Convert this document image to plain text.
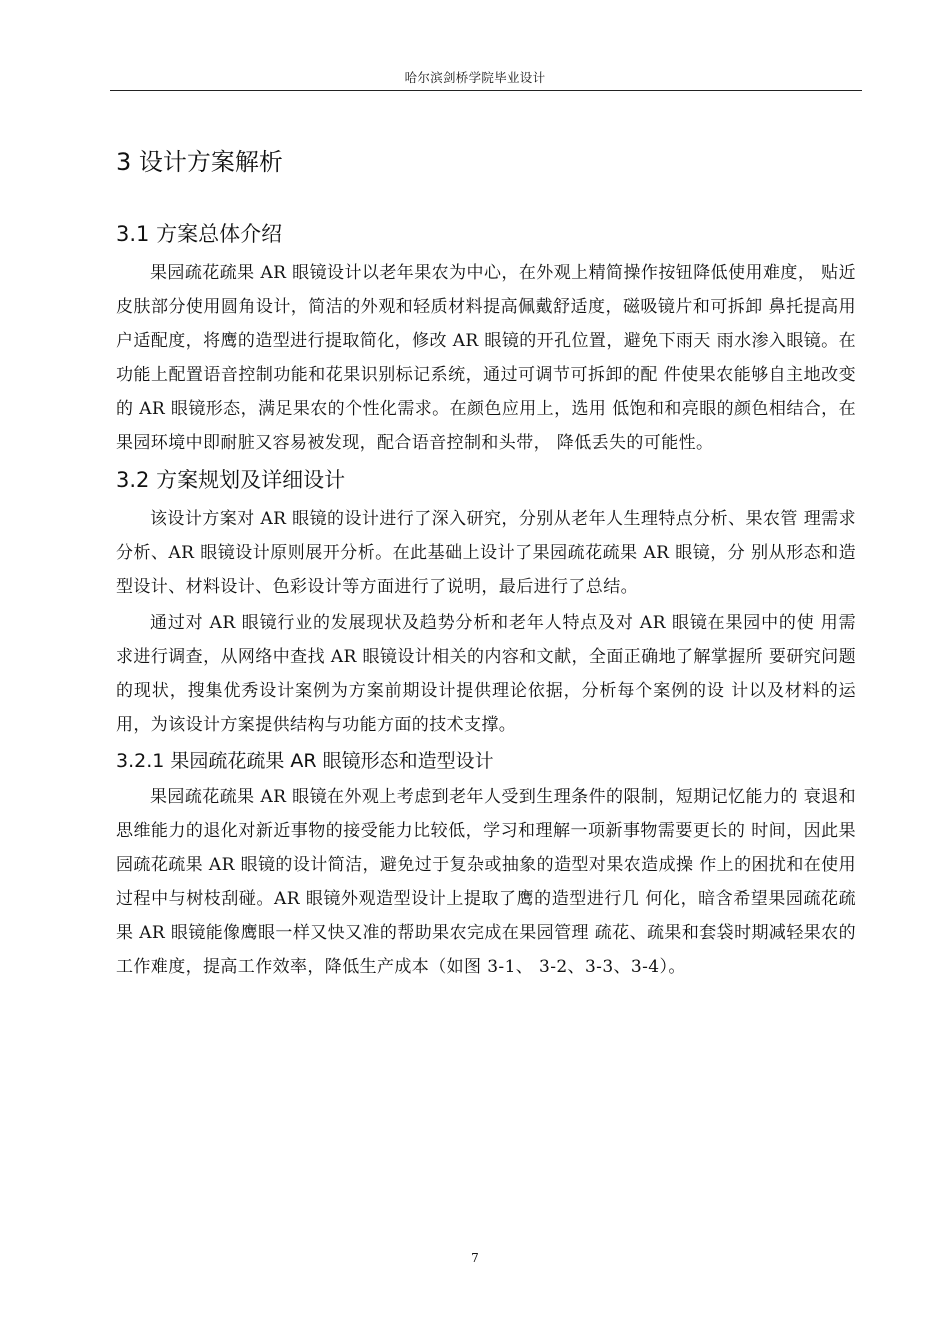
哈尔滨剑桥学院毕业设计
3 设计方案解析
3.1 方案总体介绍

果园疏花疏果 AR 眼镜设计以老年果农为中心，在外观上精简操作按钮降低使用难度， 贴近皮肤部分使用圆角设计，简洁的外观和轻质材料提高佩戴舒适度，磁吸镜片和可拆卸 鼻托提高用户适配度，将鹰的造型进行提取简化，修改 AR 眼镜的开孔位置，避免下雨天 雨水渗入眼镜。在功能上配置语音控制功能和花果识别标记系统，通过可调节可拆卸的配 件使果农能够自主地改变的 AR 眼镜形态，满足果农的个性化需求。在颜色应用上，选用 低饱和和亮眼的颜色相结合，在果园环境中即耐脏又容易被发现，配合语音控制和头带， 降低丢失的可能性。

3.2 方案规划及详细设计

该设计方案对 AR 眼镜的设计进行了深入研究，分别从老年人生理特点分析、果农管 理需求分析、AR 眼镜设计原则展开分析。在此基础上设计了果园疏花疏果 AR 眼镜，分 别从形态和造型设计、材料设计、色彩设计等方面进行了说明，最后进行了总结。

通过对 AR 眼镜行业的发展现状及趋势分析和老年人特点及对 AR 眼镜在果园中的使 用需求进行调查，从网络中查找 AR 眼镜设计相关的内容和文献，全面正确地了解掌握所 要研究问题的现状，搜集优秀设计案例为方案前期设计提供理论依据，分析每个案例的设 计以及材料的运用，为该设计方案提供结构与功能方面的技术支撑。

3.2.1 果园疏花疏果 AR 眼镜形态和造型设计

果园疏花疏果 AR 眼镜在外观上考虑到老年人受到生理条件的限制，短期记忆能力的 衰退和思维能力的退化对新近事物的接受能力比较低，学习和理解一项新事物需要更长的 时间，因此果园疏花疏果 AR 眼镜的设计简洁，避免过于复杂或抽象的造型对果农造成操 作上的困扰和在使用过程中与树枝刮碰。AR 眼镜外观造型设计上提取了鹰的造型进行几 何化，暗含希望果园疏花疏果 AR 眼镜能像鹰眼一样又快又准的帮助果农完成在果园管理 疏花、疏果和套袋时期减轻果农的工作难度，提高工作效率，降低生产成本（如图 3-1、 3-2、3-3、3-4）。

7
